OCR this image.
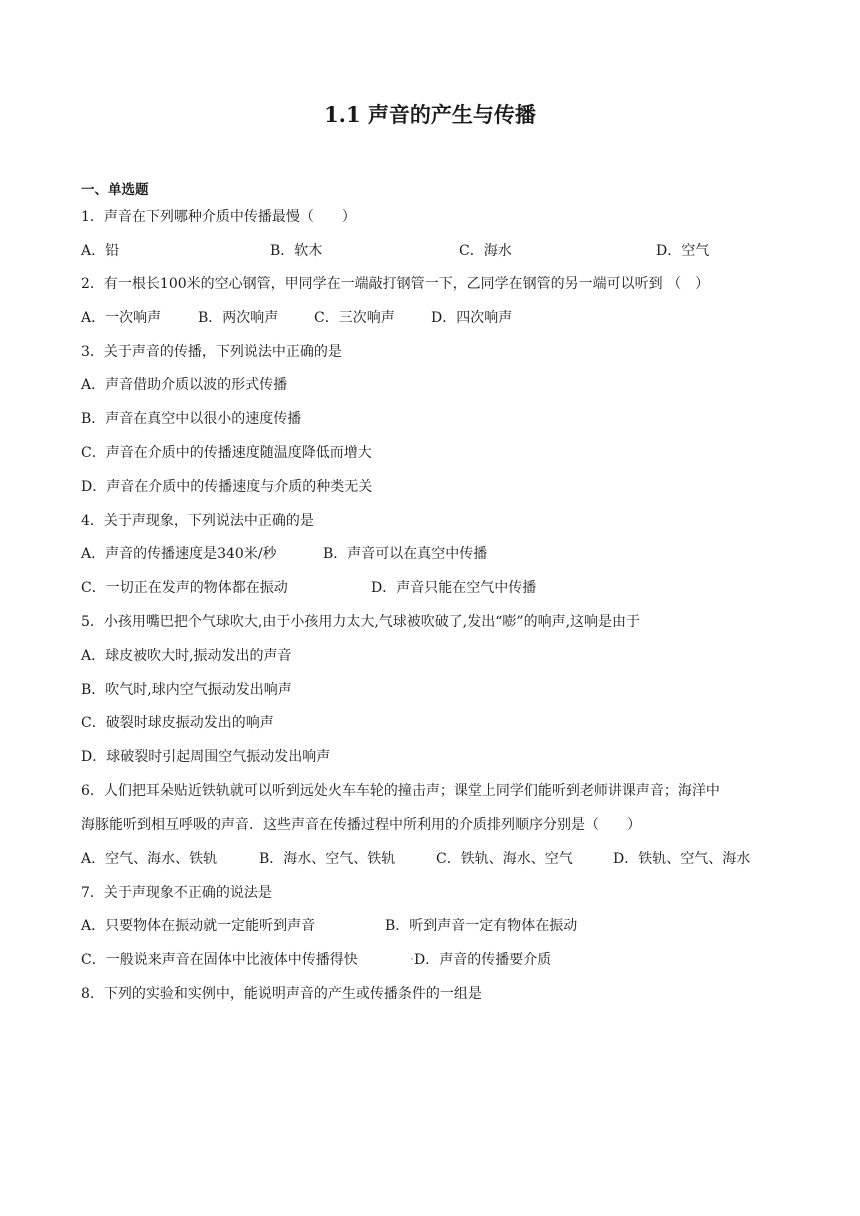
1.1 声音的产生与传播
一、单选题
1．声音在下列哪种介质中传播最慢（　　）
A．铅	B．软木	C．海水	D．空气
2．有一根长100米的空心钢管，甲同学在一端敲打钢管一下，乙同学在钢管的另一端可以听到 （　）
A．一次响声	B．两次响声	C．三次响声	D．四次响声
3．关于声音的传播，下列说法中正确的是
A．声音借助介质以波的形式传播
B．声音在真空中以很小的速度传播
C．声音在介质中的传播速度随温度降低而增大
D．声音在介质中的传播速度与介质的种类无关
4．关于声现象，下列说法中正确的是
A．声音的传播速度是340米/秒	B．声音可以在真空中传播
C．一切正在发声的物体都在振动	D．声音只能在空气中传播
5．小孩用嘴巴把个气球吹大,由于小孩用力太大,气球被吹破了,发出“嘭”的响声,这响是由于
A．球皮被吹大时,振动发出的声音
B．吹气时,球内空气振动发出响声
C．破裂时球皮振动发出的响声
D．球破裂时引起周围空气振动发出响声
6．人们把耳朵贴近铁轨就可以听到远处火车车轮的撞击声；课堂上同学们能听到老师讲课声音；海洋中
海豚能听到相互呼吸的声音．这些声音在传播过程中所利用的介质排列顺序分别是（　　）
A．空气、海水、铁轨	B．海水、空气、铁轨	C．铁轨、海水、空气	D．铁轨、空气、海水
7．关于声现象不正确的说法是
A．只要物体在振动就一定能听到声音	B．听到声音一定有物体在振动
C．一般说来声音在固体中比液体中传播得快	D．声音的传播要介质
8．下列的实验和实例中，能说明声音的产生或传播条件的一组是
